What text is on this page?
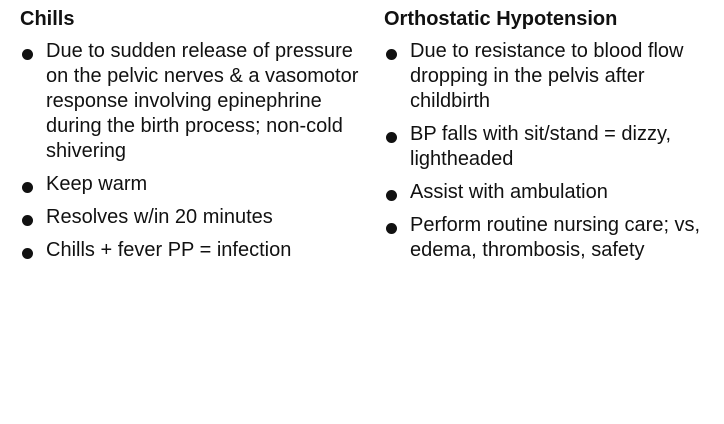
Chills
Due to sudden release of pressure on the pelvic nerves & a vasomotor response involving epinephrine during the birth process; non-cold shivering
Keep warm
Resolves w/in 20 minutes
Chills + fever PP = infection
Orthostatic Hypotension
Due to resistance to blood flow dropping in the pelvis after childbirth
BP falls with sit/stand = dizzy, lightheaded
Assist with ambulation
Perform routine nursing care; vs, edema, thrombosis, safety
